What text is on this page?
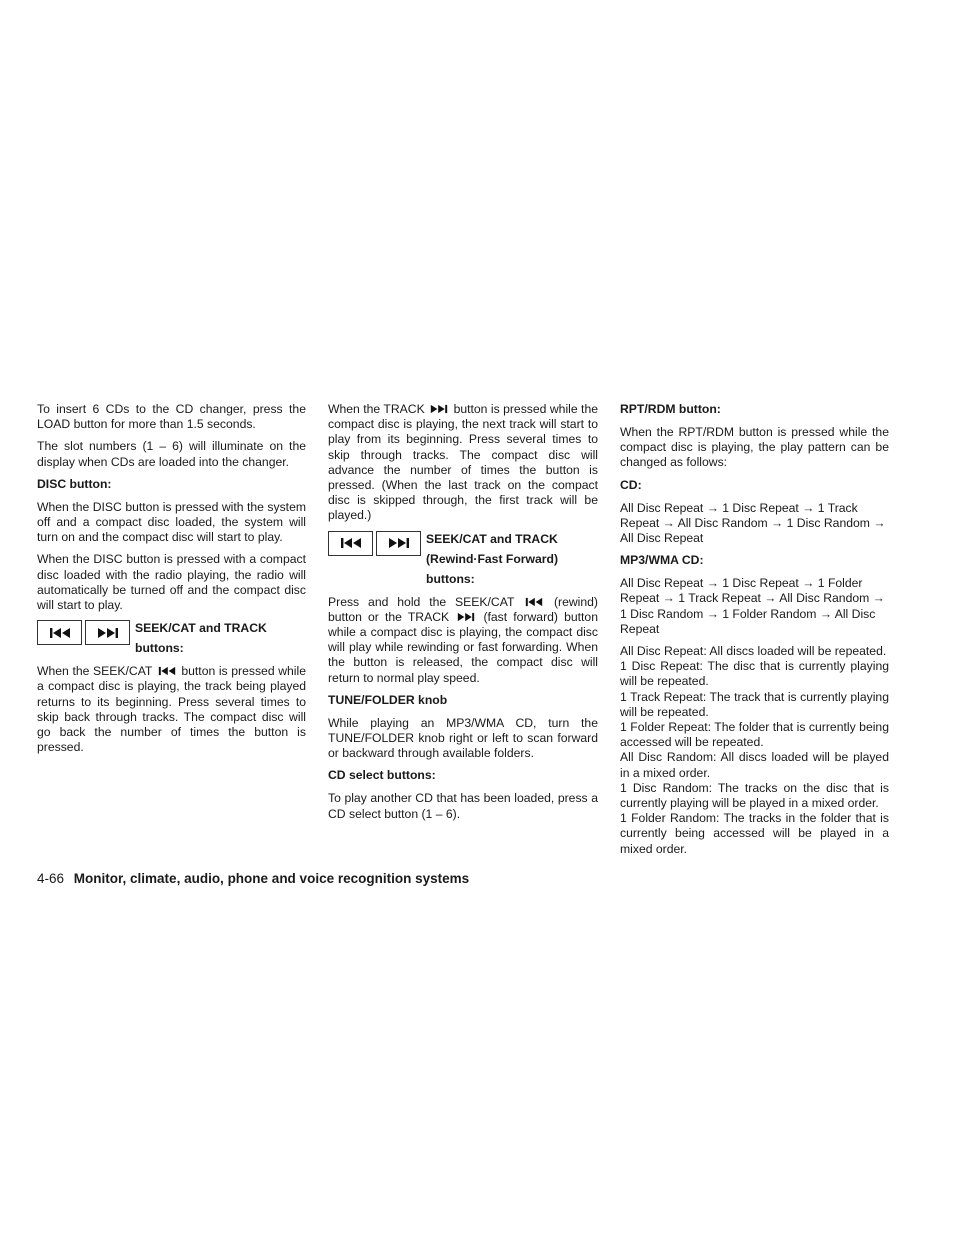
To insert 6 CDs to the CD changer, press the LOAD button for more than 1.5 seconds.

The slot numbers (1 – 6) will illuminate on the display when CDs are loaded into the changer.

DISC button:

When the DISC button is pressed with the system off and a compact disc loaded, the system will turn on and the compact disc will start to play.

When the DISC button is pressed with a compact disc loaded with the radio playing, the radio will automatically be turned off and the compact disc will start to play.

SEEK/CAT and TRACK
buttons:

When the SEEK/CAT button is pressed while a compact disc is playing, the track being played returns to its beginning. Press several times to skip back through tracks. The compact disc will go back the number of times the button is pressed.

When the TRACK button is pressed while the compact disc is playing, the next track will start to play from its beginning. Press several times to skip through tracks. The compact disc will advance the number of times the button is pressed. (When the last track on the compact disc is skipped through, the first track will be played.)

SEEK/CAT and TRACK
(Rewind·Fast Forward)
buttons:

Press and hold the SEEK/CAT	(rewind) button or the TRACK	(fast forward) button while a compact disc is playing, the compact disc will play while rewinding or fast forwarding. When the button is released, the compact disc will return to normal play speed.

TUNE/FOLDER knob

While playing an MP3/WMA CD, turn the TUNE/FOLDER knob right or left to scan forward or backward through available folders.

CD select buttons:

To play another CD that has been loaded, press a CD select button (1 – 6).

RPT/RDM button:

When the RPT/RDM button is pressed while the compact disc is playing, the play pattern can be changed as follows:

CD:

All Disc Repeat → 1 Disc Repeat → 1 Track Repeat → All Disc Random → 1 Disc Random → All Disc Repeat

MP3/WMA CD:

All Disc Repeat → 1 Disc Repeat → 1 Folder Repeat → 1 Track Repeat → All Disc Random → 1 Disc Random → 1 Folder Random → All Disc Repeat

All Disc Repeat: All discs loaded will be repeated.

1 Disc Repeat: The disc that is currently playing will be repeated.

1 Track Repeat: The track that is currently playing will be repeated.

1 Folder Repeat: The folder that is currently being accessed will be repeated.

All Disc Random: All discs loaded will be played in a mixed order.

1 Disc Random: The tracks on the disc that is currently playing will be played in a mixed order.

1 Folder Random: The tracks in the folder that is currently being accessed will be played in a mixed order.

4-66 Monitor, climate, audio, phone and voice recognition systems
